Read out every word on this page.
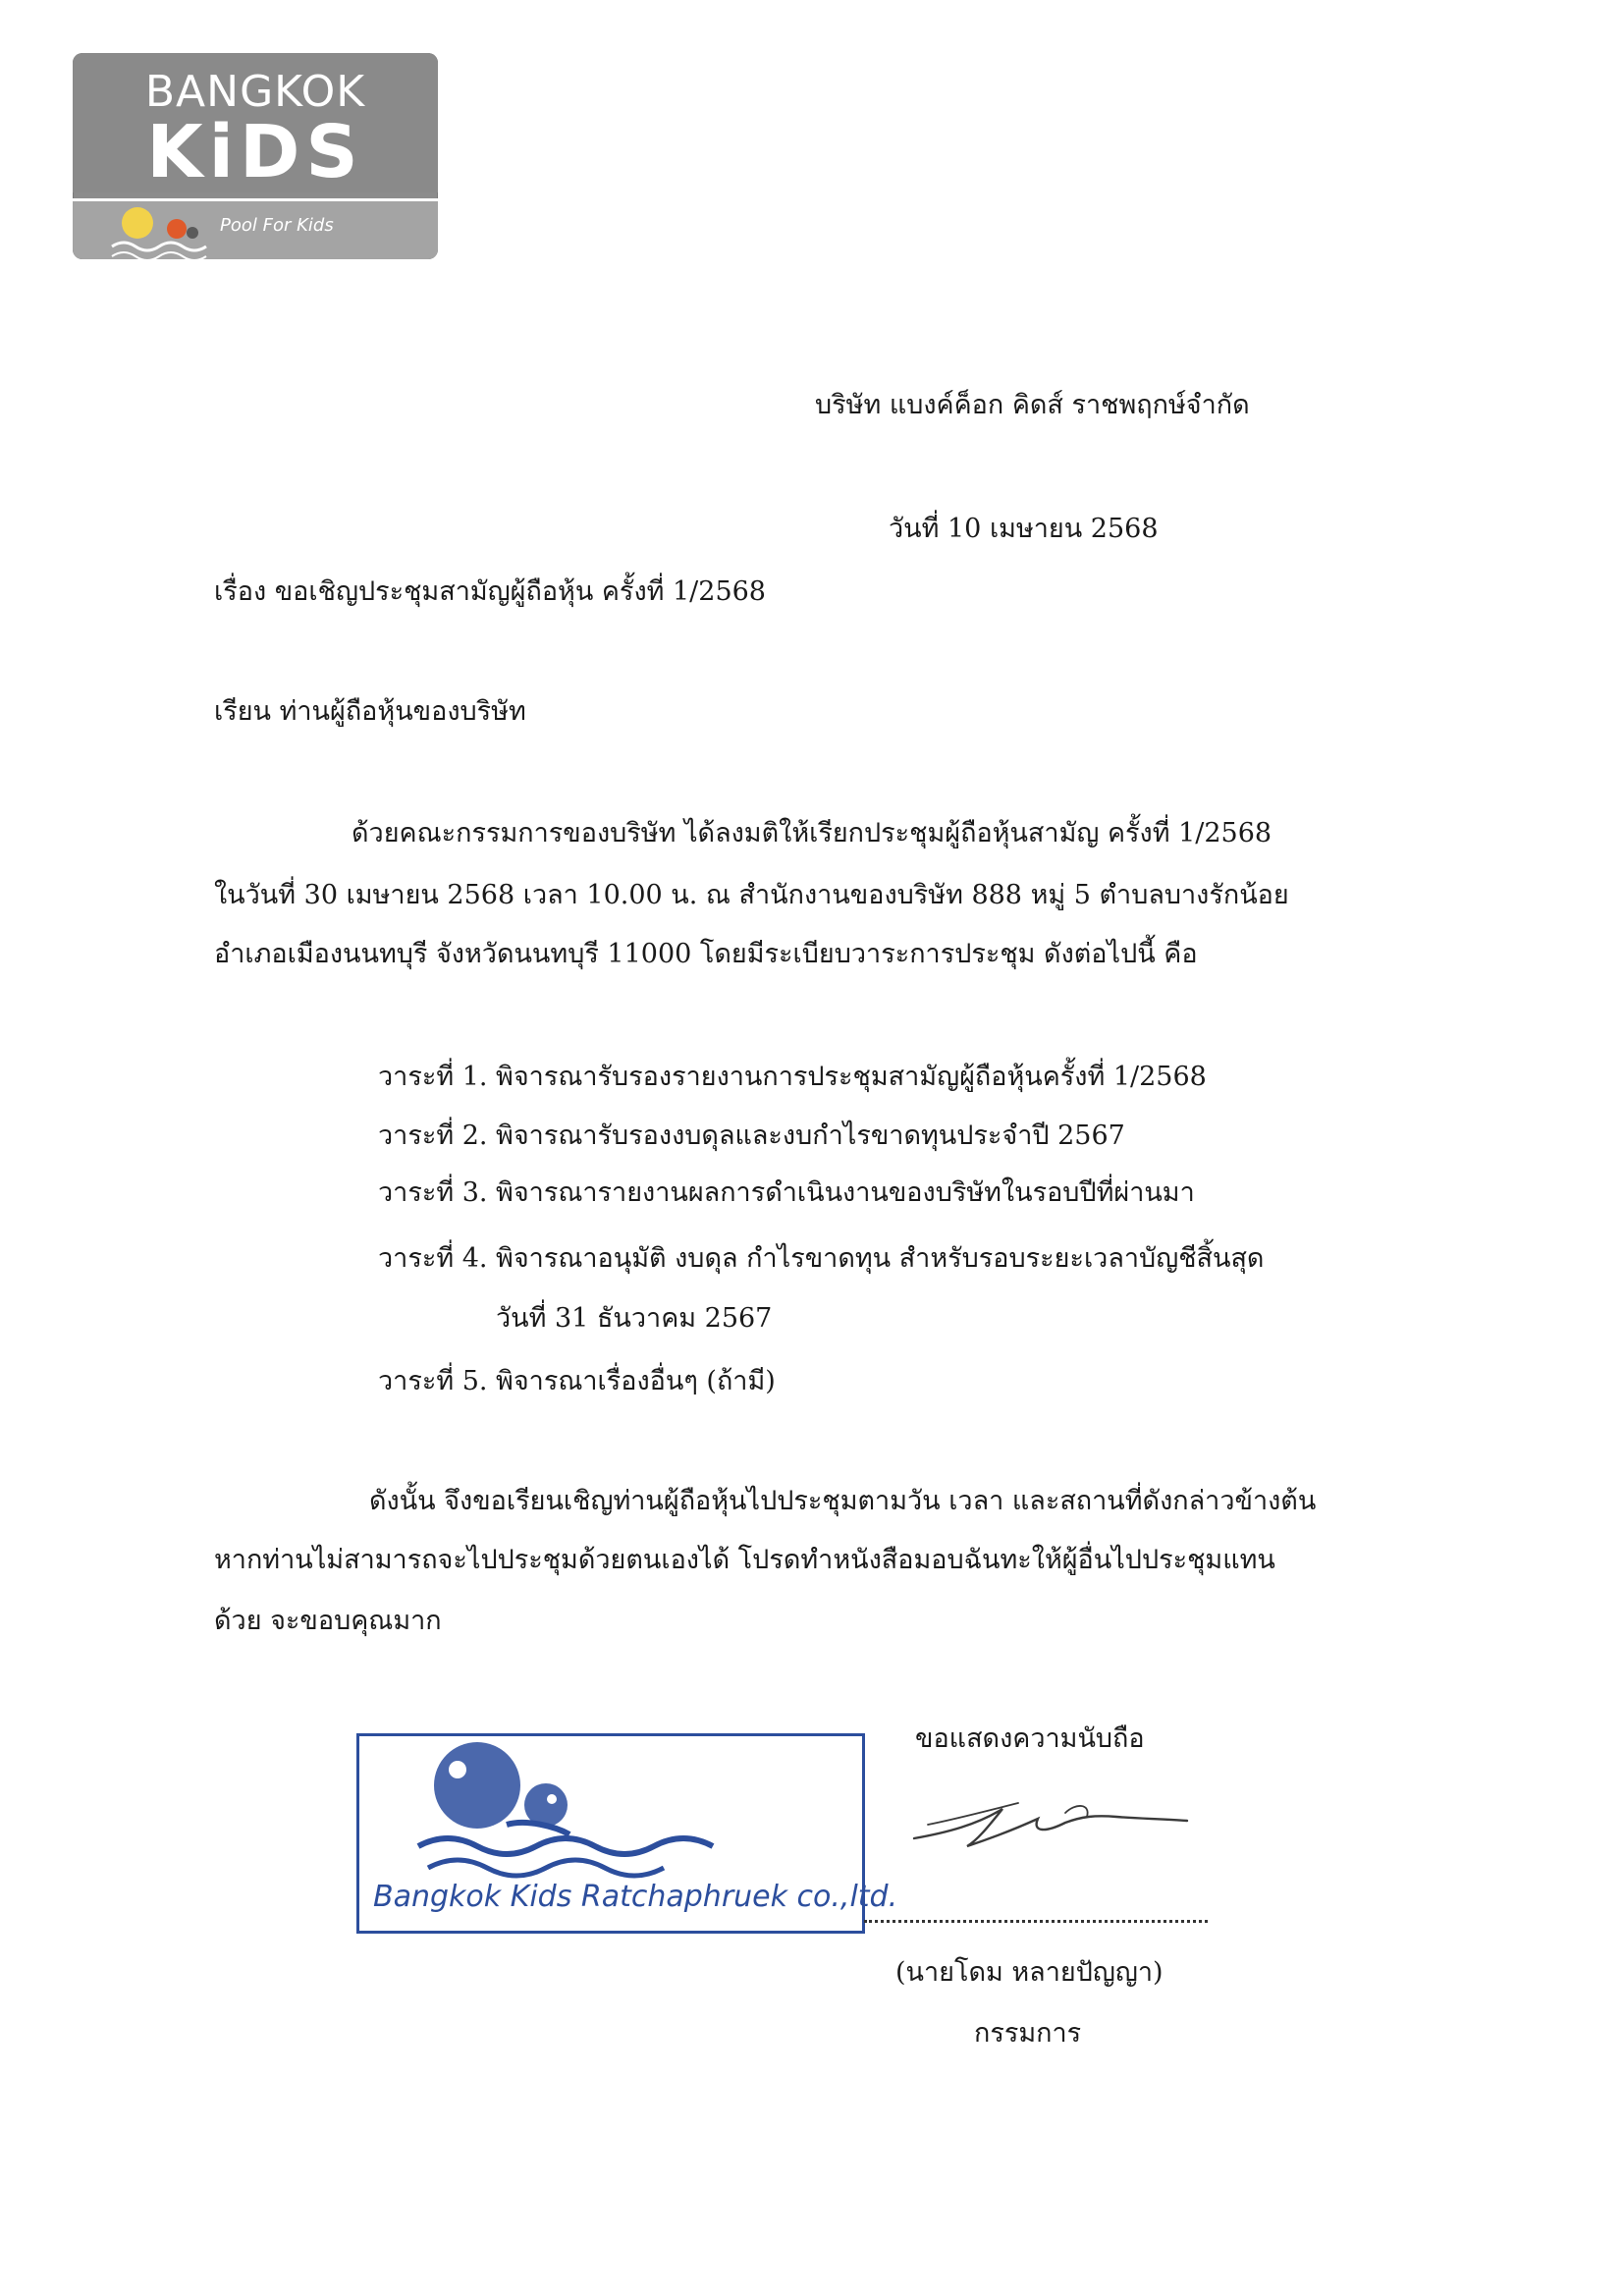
BANGKOK
KiDS
Pool For Kids
บริษัท แบงค์ค็อก คิดส์ ราชพฤกษ์จำกัด
วันที่ 10 เมษายน 2568
เรื่อง ขอเชิญประชุมสามัญผู้ถือหุ้น ครั้งที่ 1/2568
เรียน ท่านผู้ถือหุ้นของบริษัท
ด้วยคณะกรรมการของบริษัท ได้ลงมติให้เรียกประชุมผู้ถือหุ้นสามัญ ครั้งที่ 1/2568
ในวันที่ 30 เมษายน 2568 เวลา 10.00 น. ณ สำนักงานของบริษัท 888 หมู่ 5 ตำบลบางรักน้อย
อำเภอเมืองนนทบุรี จังหวัดนนทบุรี 11000 โดยมีระเบียบวาระการประชุม ดังต่อไปนี้ คือ
วาระที่ 1. พิจารณารับรองรายงานการประชุมสามัญผู้ถือหุ้นครั้งที่ 1/2568
วาระที่ 2. พิจารณารับรองงบดุลและงบกำไรขาดทุนประจำปี 2567
วาระที่ 3. พิจารณารายงานผลการดำเนินงานของบริษัทในรอบปีที่ผ่านมา
วาระที่ 4. พิจารณาอนุมัติ งบดุล กำไรขาดทุน สำหรับรอบระยะเวลาบัญชีสิ้นสุด
วันที่ 31 ธันวาคม 2567
วาระที่ 5. พิจารณาเรื่องอื่นๆ (ถ้ามี)
ดังนั้น จึงขอเรียนเชิญท่านผู้ถือหุ้นไปประชุมตามวัน เวลา และสถานที่ดังกล่าวข้างต้น
หากท่านไม่สามารถจะไปประชุมด้วยตนเองได้ โปรดทำหนังสือมอบฉันทะให้ผู้อื่นไปประชุมแทน
ด้วย จะขอบคุณมาก
ขอแสดงความนับถือ
Bangkok Kids Ratchaphruek co.,ltd.
(นายโดม หลายปัญญา)
กรรมการ
